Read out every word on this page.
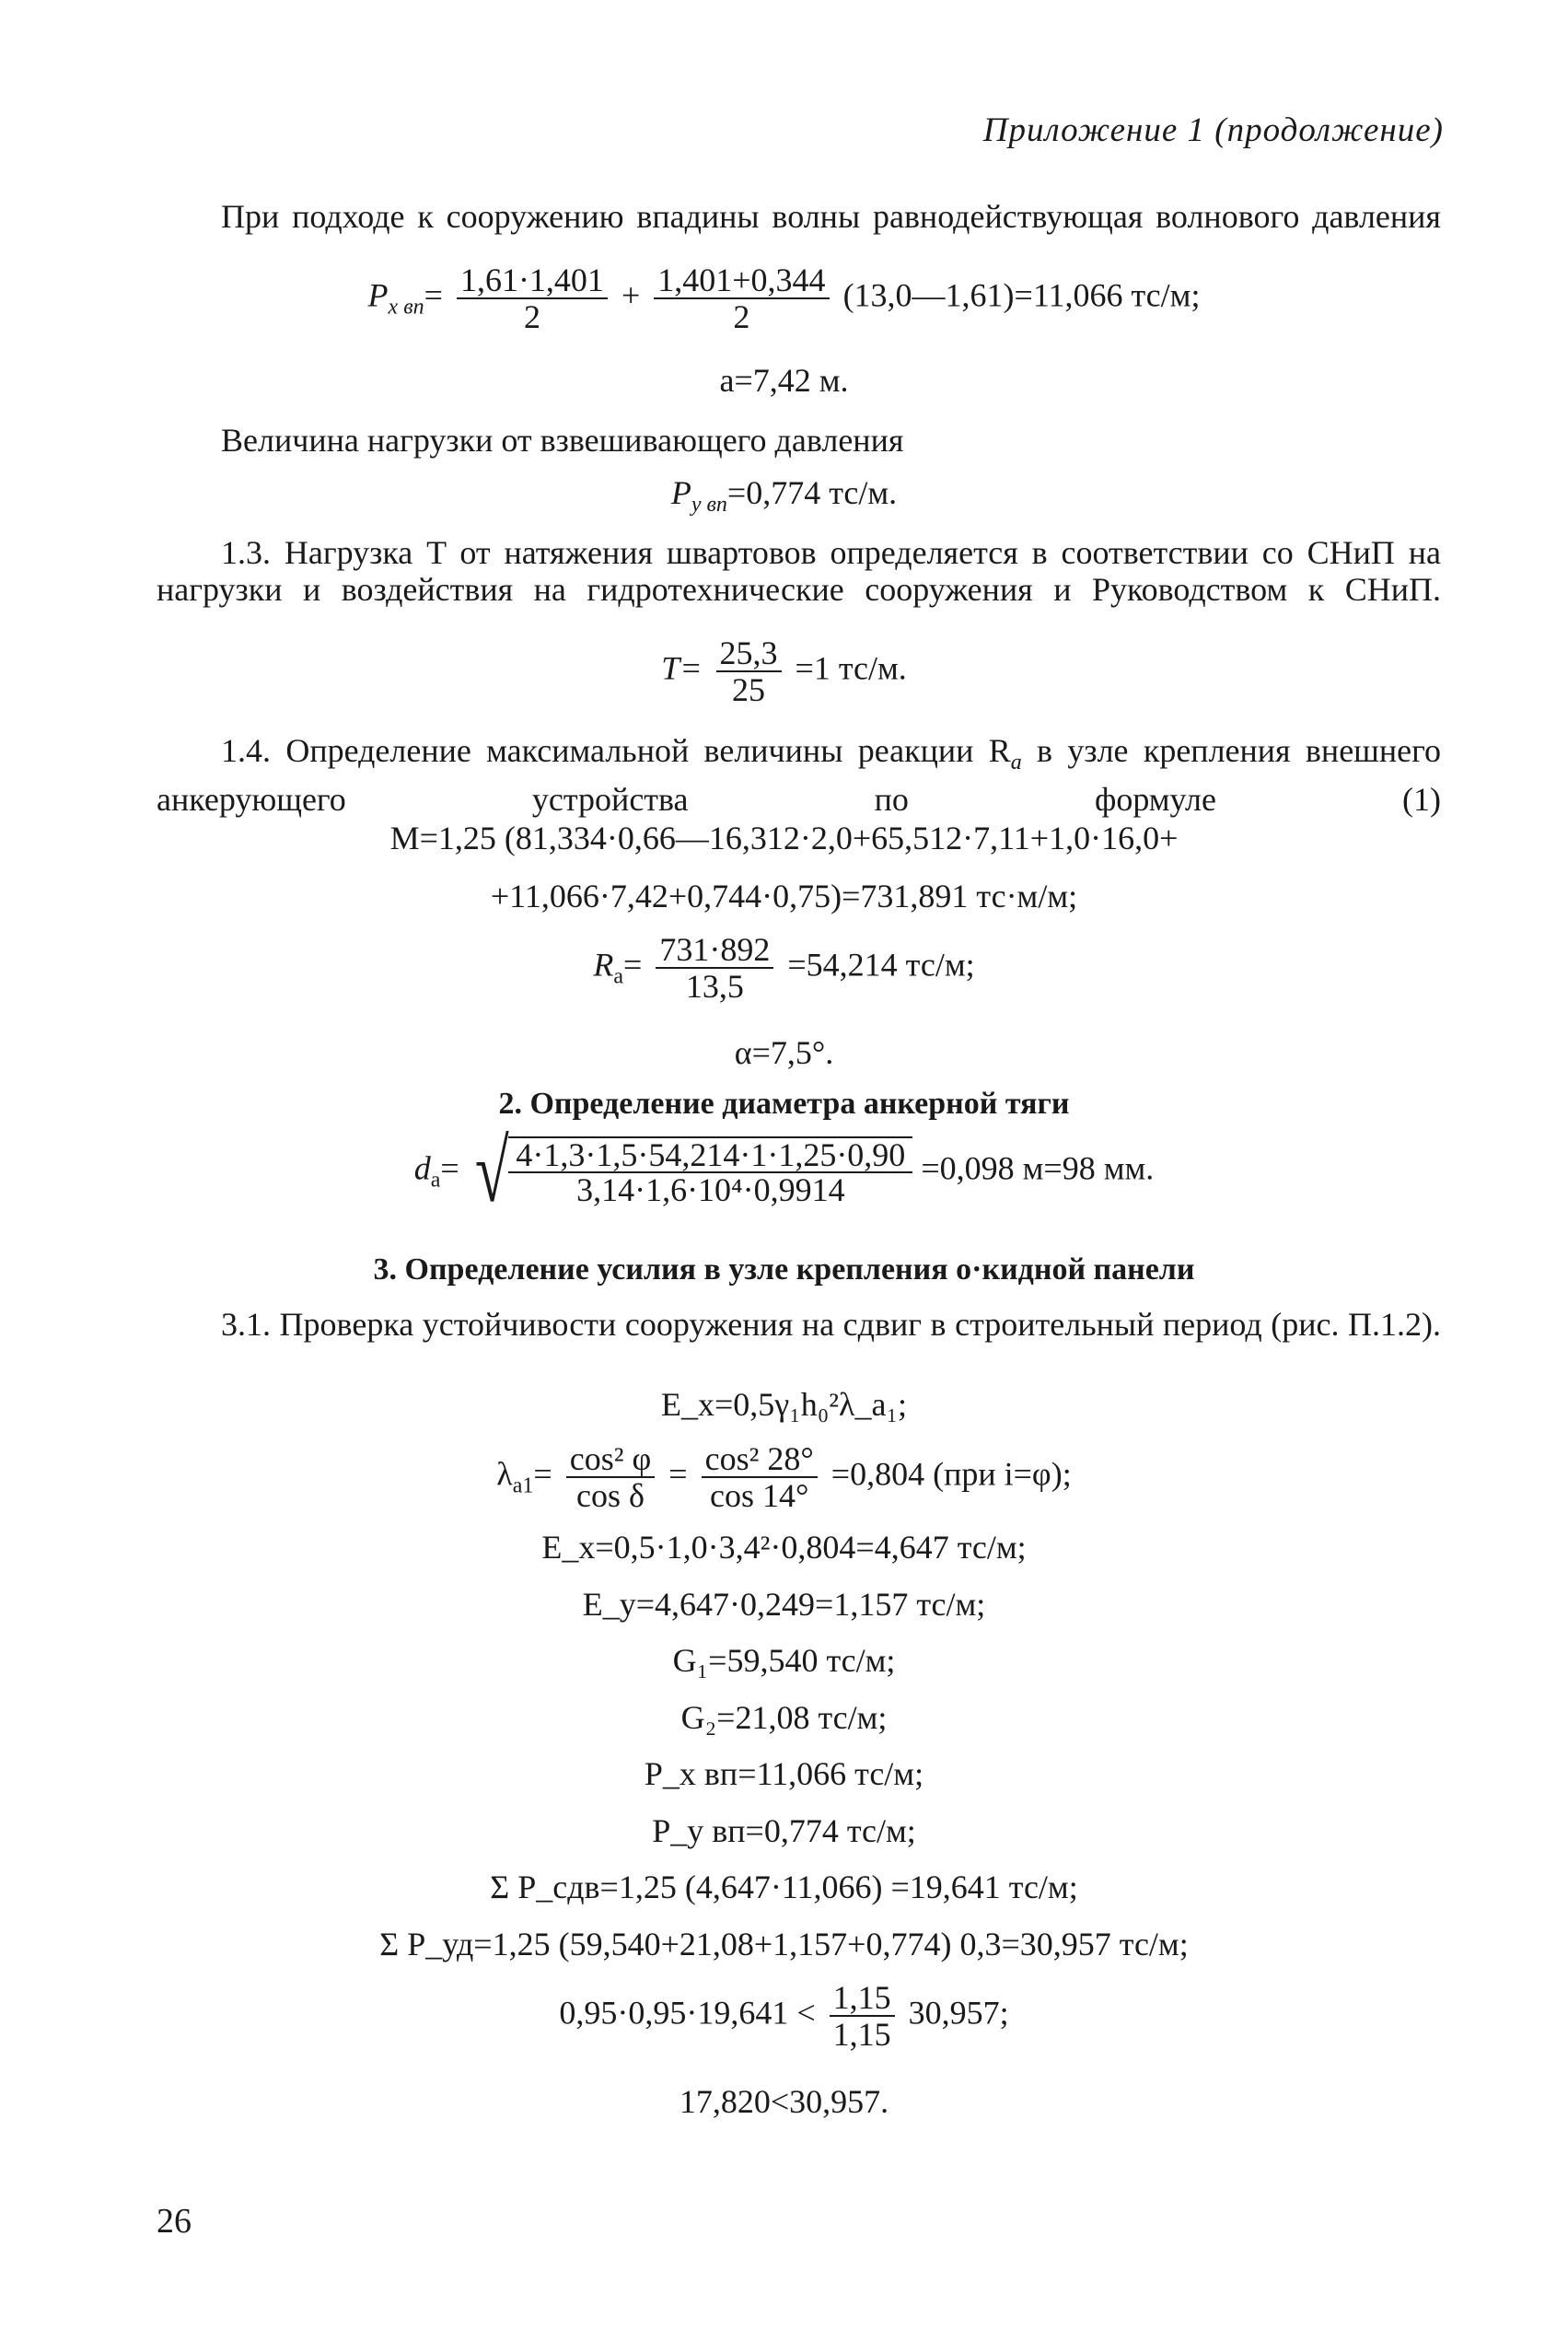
Приложение 1 (продолжение)
При подходе к сооружению впадины волны равнодействующая волнового давления
$P_{x вп}= \frac{1,61\cdot 1,401}{2} + \frac{1,401+0,344}{2}$ (13,0—1,61)=11,066 тс/м;
a=7,42 м.
Величина нагрузки от взвешивающего давления
$P_{y вп}=0,774$ тс/м.
1.3. Нагрузка T от натяжения швартовов определяется в соответствии со СНиП на нагрузки и воздействия на гидротехнические сооружения и Руководством к СНиП.
$T= \frac{25,3}{25} =1$ тс/м.
1.4. Определение максимальной величины реакции $R_а$ в узле крепления внешнего анкерующего устройства по формуле (1)
M=1,25 (81,334·0,66—16,312·2,0+65,512·7,11+1,0·16,0+
+11,066·7,42+0,744·0,75)=731,891 тс·м/м;
$R_а= \frac{731\cdot 892}{13,5} =54,214$ тс/м;
α=7,5°.
2. Определение диаметра анкерной тяги
$d_а=$ √ $\frac{4\cdot 1,3\cdot 1,5\cdot 54,214\cdot 1\cdot 1,25\cdot 0,90}{\text{3,14·1,6·10⁴·0,9914}} =0,098$ м=98 мм.
3. Определение усилия в узле крепления о·кидной панели
3.1. Проверка устойчивости сооружения на сдвиг в строительный период (рис. П.1.2).
E_x=0,5γ₁h₀²λ_a₁;
$\lambda_{a1}= \frac{\text{cos² φ}}{\text{cos δ}} = \frac{\text{cos² 28°}}{\cos 14^\circ} =0,804$ (при i=φ);
E_x=0,5·1,0·3,4²·0,804=4,647 тс/м;
E_y=4,647·0,249=1,157 тс/м;
G₁=59,540 тс/м;
G₂=21,08 тс/м;
P_x вп=11,066 тс/м;
P_y вп=0,774 тс/м;
Σ P_сдв=1,25 (4,647·11,066) =19,641 тс/м;
Σ P_уд=1,25 (59,540+21,08+1,157+0,774) 0,3=30,957 тс/м;
$0,95\cdot 0,95\cdot 19,641 < \frac{1,15}{1,15} 30,957$;
17,820<30,957.
26
